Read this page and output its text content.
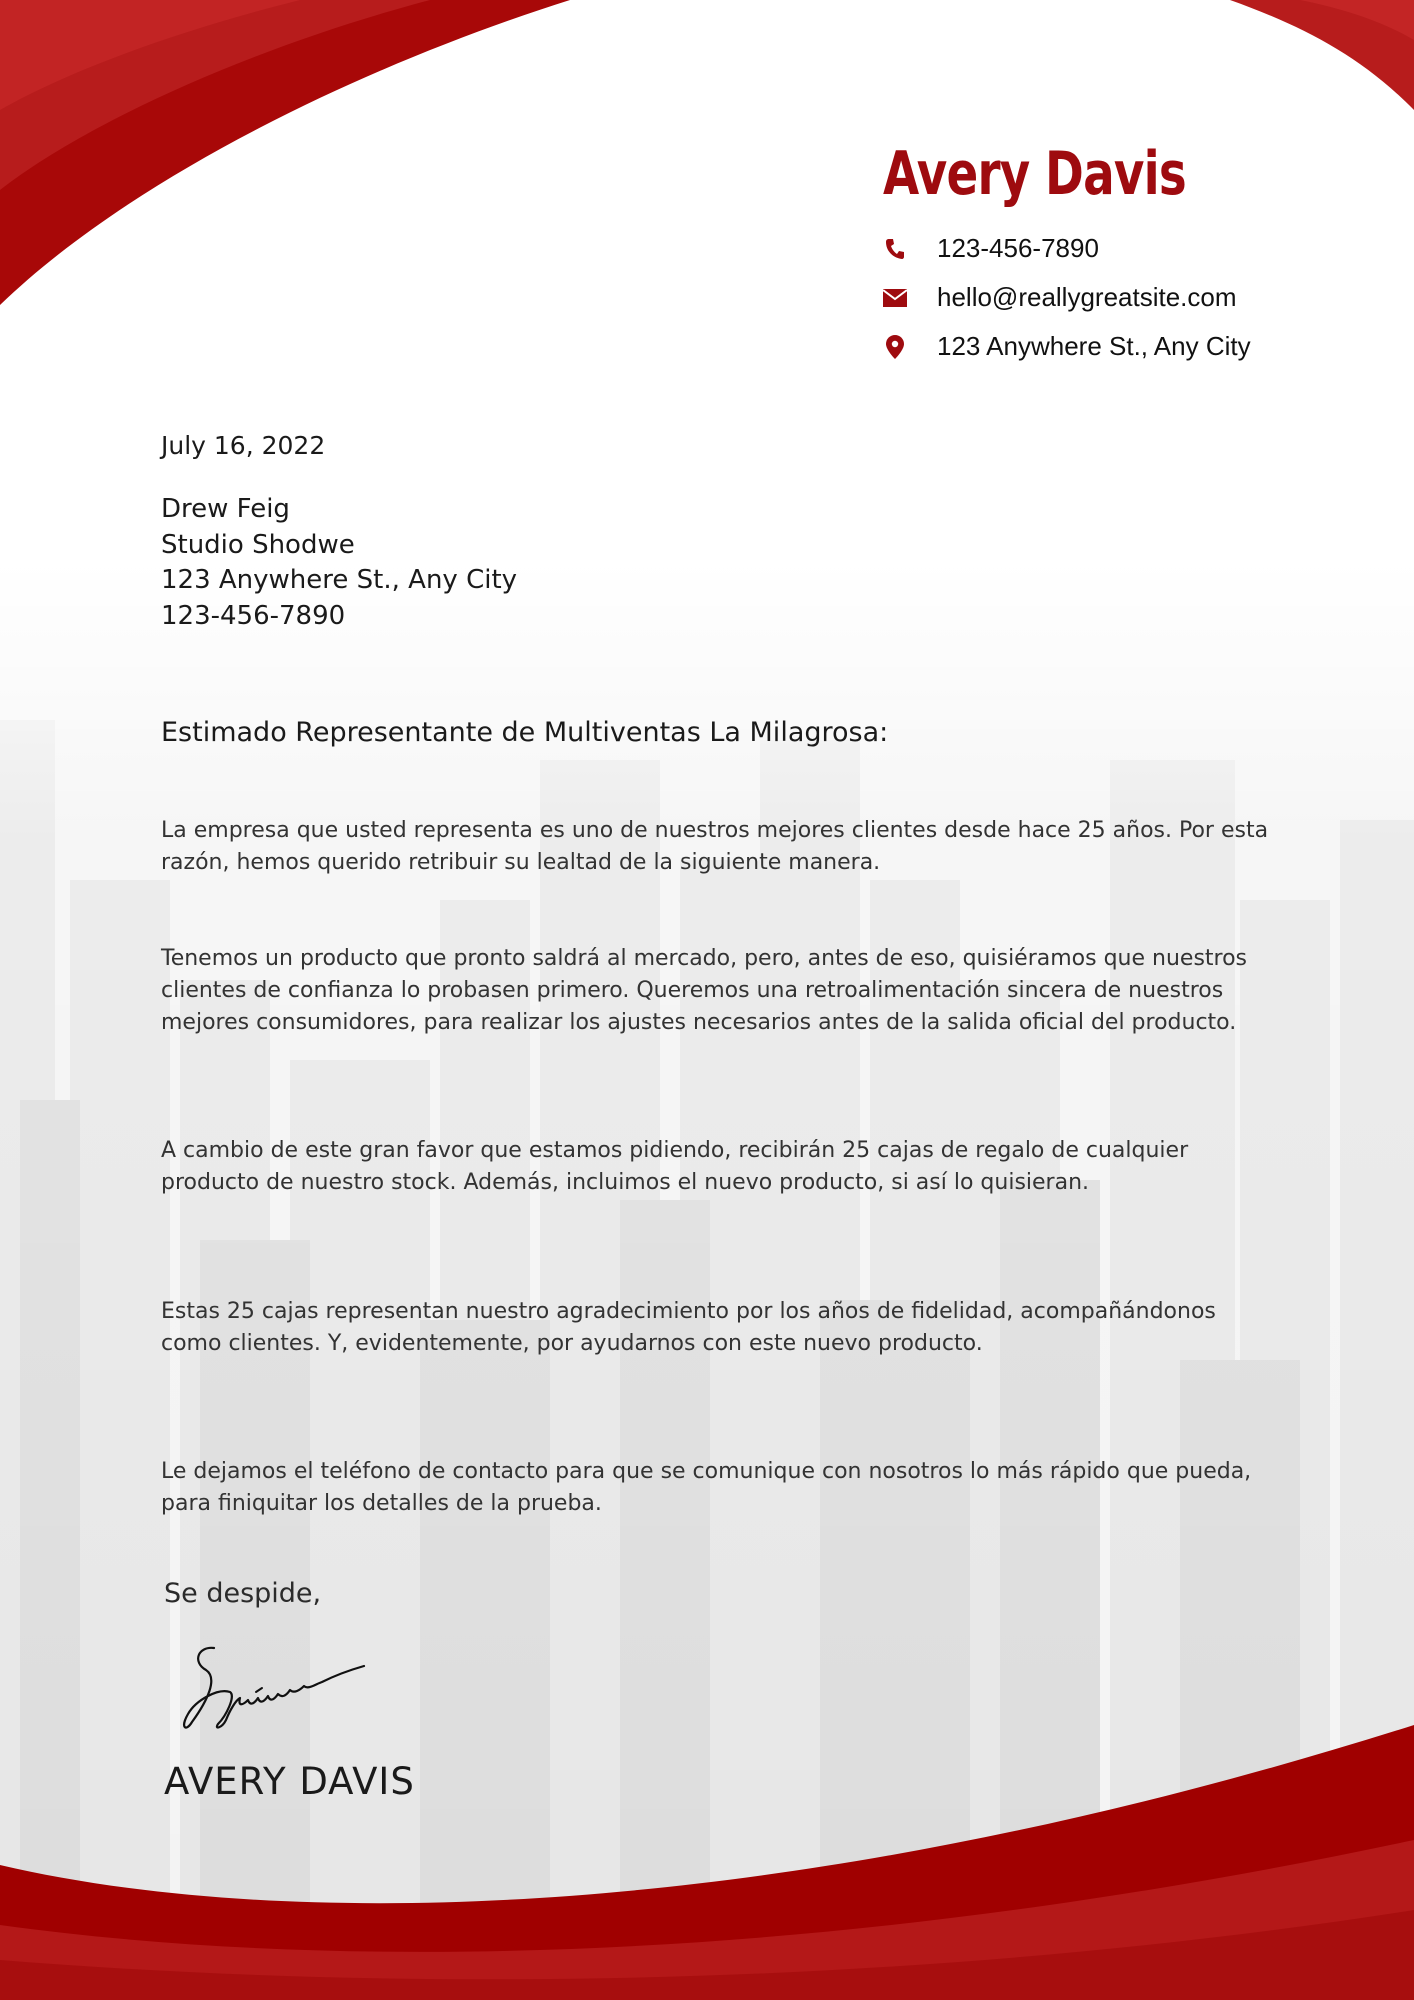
Avery Davis
123-456-7890
hello@reallygreatsite.com
123 Anywhere St., Any City
July 16, 2022
Drew Feig
Studio Shodwe
123 Anywhere St., Any City
123-456-7890
Estimado Representante de Multiventas La Milagrosa:
La empresa que usted representa es uno de nuestros mejores clientes desde hace 25 años. Por esta razón, hemos querido retribuir su lealtad de la siguiente manera.
Tenemos un producto que pronto saldrá al mercado, pero, antes de eso, quisiéramos que nuestros clientes de confianza lo probasen primero. Queremos una retroalimentación sincera de nuestros mejores consumidores, para realizar los ajustes necesarios antes de la salida oficial del producto.
A cambio de este gran favor que estamos pidiendo, recibirán 25 cajas de regalo de cualquier producto de nuestro stock. Además, incluimos el nuevo producto, si así lo quisieran.
Estas 25 cajas representan nuestro agradecimiento por los años de fidelidad, acompañándonos como clientes. Y, evidentemente, por ayudarnos con este nuevo producto.
Le dejamos el teléfono de contacto para que se comunique con nosotros lo más rápido que pueda, para finiquitar los detalles de la prueba.
Se despide,
AVERY DAVIS
